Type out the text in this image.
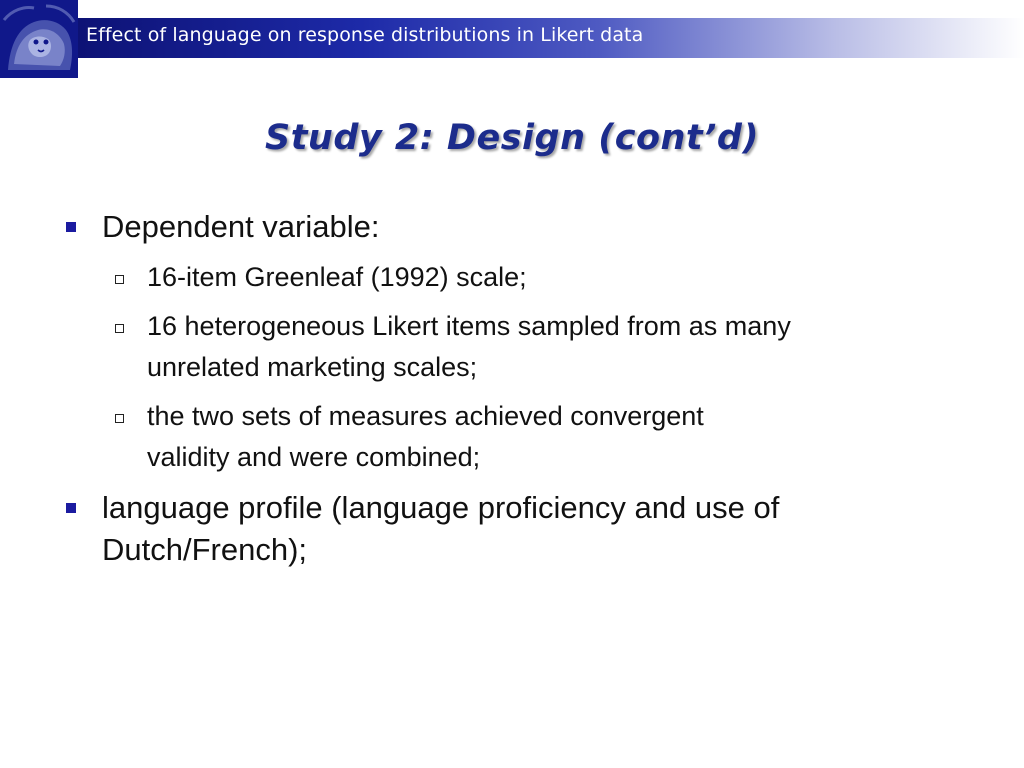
Effect of language on response distributions in Likert data
Study 2: Design (cont’d)
Dependent variable:
16-item Greenleaf (1992) scale;
16 heterogeneous Likert items sampled from as many
unrelated marketing scales;
the two sets of measures achieved convergent
validity and were combined;
language profile (language proficiency and use of
Dutch/French);
